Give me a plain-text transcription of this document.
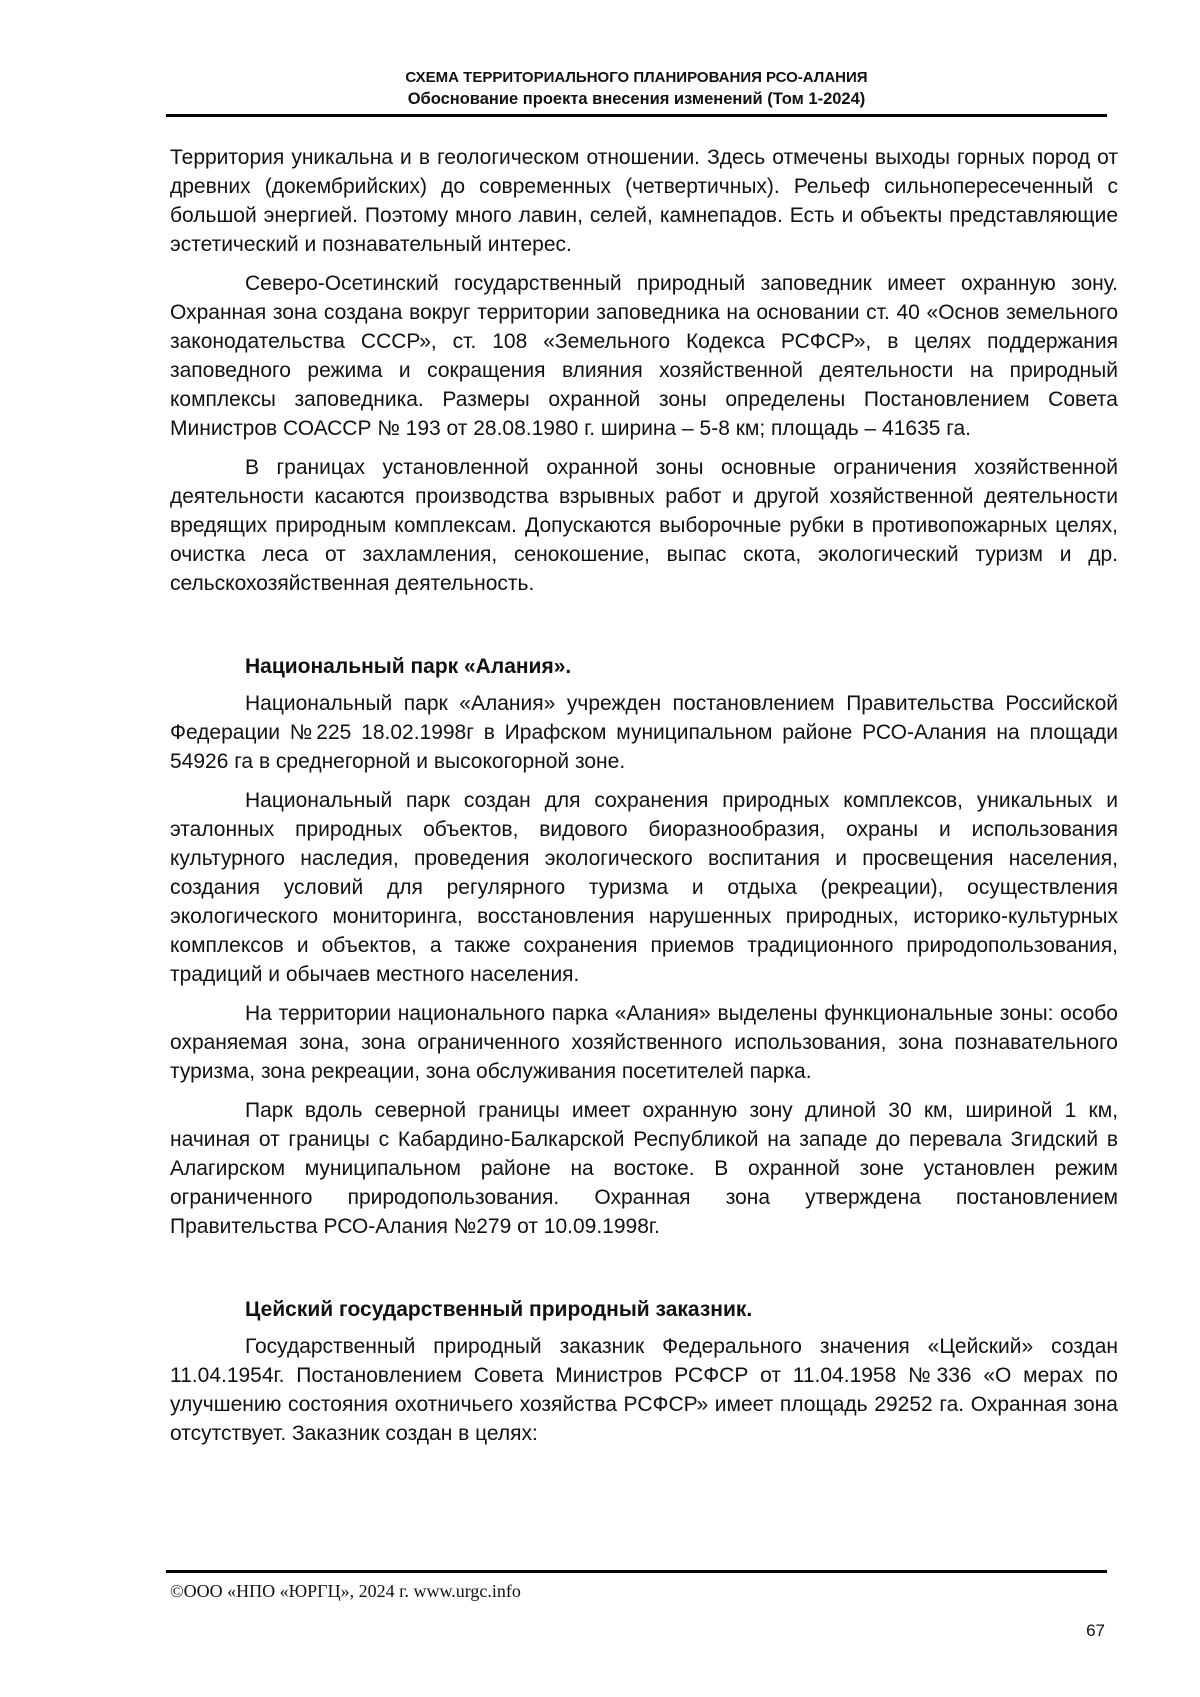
СХЕМА ТЕРРИТОРИАЛЬНОГО ПЛАНИРОВАНИЯ РСО-АЛАНИЯ
Обоснование проекта внесения изменений (Том 1-2024)

Территория уникальна и в геологическом отношении. Здесь отмечены выходы горных пород от древних (докембрийских) до современных (четвертичных). Рельеф сильнопересеченный с большой энергией. Поэтому много лавин, селей, камнепадов. Есть и объекты представляющие эстетический и познавательный интерес.

Северо-Осетинский государственный природный заповедник имеет охранную зону. Охранная зона создана вокруг территории заповедника на основании ст. 40 «Основ земельного законодательства СССР», ст. 108 «Земельного Кодекса РСФСР», в целях поддержания заповедного режима и сокращения влияния хозяйственной деятельности на природный комплексы заповедника. Размеры охранной зоны определены Постановлением Совета Министров СОАССР № 193 от 28.08.1980 г. ширина – 5-8 км; площадь – 41635 га.

В границах установленной охранной зоны основные ограничения хозяйственной деятельности касаются производства взрывных работ и другой хозяйственной деятельности вредящих природным комплексам. Допускаются выборочные рубки в противопожарных целях, очистка леса от захламления, сенокошение, выпас скота, экологический туризм и др. сельскохозяйственная деятельность.

Национальный парк «Алания».

Национальный парк «Алания» учрежден постановлением Правительства Российской Федерации №225 18.02.1998г в Ирафском муниципальном районе РСО-Алания на площади 54926 га в среднегорной и высокогорной зоне.

Национальный парк создан для сохранения природных комплексов, уникальных и эталонных природных объектов, видового биоразнообразия, охраны и использования культурного наследия, проведения экологического воспитания и просвещения населения, создания условий для регулярного туризма и отдыха (рекреации), осуществления экологического мониторинга, восстановления нарушенных природных, историко-культурных комплексов и объектов, а также сохранения приемов традиционного природопользования, традиций и обычаев местного населения.

На территории национального парка «Алания» выделены функциональные зоны: особо охраняемая зона, зона ограниченного хозяйственного использования, зона познавательного туризма, зона рекреации, зона обслуживания посетителей парка.

Парк вдоль северной границы имеет охранную зону длиной 30 км, шириной 1 км, начиная от границы с Кабардино-Балкарской Республикой на западе до перевала Згидский в Алагирском муниципальном районе на востоке. В охранной зоне установлен режим ограниченного природопользования. Охранная зона утверждена постановлением Правительства РСО-Алания №279 от 10.09.1998г.

Цейский государственный природный заказник.

Государственный природный заказник Федерального значения «Цейский» создан 11.04.1954г. Постановлением Совета Министров РСФСР от 11.04.1958 №336 «О мерах по улучшению состояния охотничьего хозяйства РСФСР» имеет площадь 29252 га. Охранная зона отсутствует. Заказник создан в целях:

©ООО «НПО «ЮРГЦ», 2024 г. www.urgc.info
67
